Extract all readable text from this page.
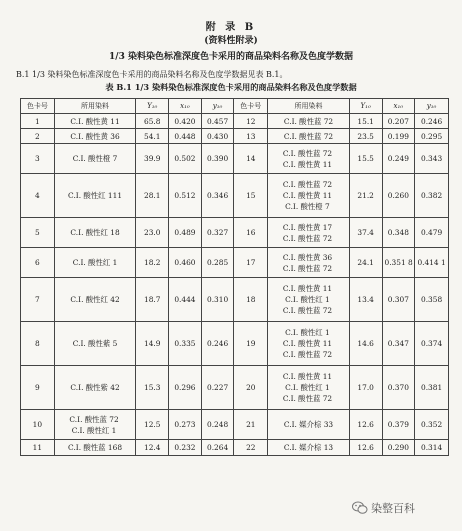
附 录 B
(资料性附录)
1/3 染料染色标准深度色卡采用的商品染料名称及色度学数据
B.1 1/3 染料染色标准深度色卡采用的商品染料名称及色度学数据见表 B.1。
表 B.1 1/3 染料染色标准深度色卡采用的商品染料名称及色度学数据
色卡号	所用染料	Y₁₀	x₁₀	y₁₀	色卡号	所用染料	Y₁₀	x₁₀	y₁₀
1	C.I. 酸性黄 11	65.8	0.420	0.457	12	C.I. 酸性蓝 72	15.1	0.207	0.246
2	C.I. 酸性黄 36	54.1	0.448	0.430	13	C.I. 酸性蓝 72	23.5	0.199	0.295
3	C.I. 酸性橙 7	39.9	0.502	0.390	14	C.I. 酸性蓝 72
C.I. 酸性黄 11	15.5	0.249	0.343
4	C.I. 酸性红 111	28.1	0.512	0.346	15	C.I. 酸性蓝 72
C.I. 酸性黄 11
C.I. 酸性橙 7	21.2	0.260	0.382
5	C.I. 酸性红 18	23.0	0.489	0.327	16	C.I. 酸性黄 17
C.I. 酸性蓝 72	37.4	0.348	0.479
6	C.I. 酸性红 1	18.2	0.460	0.285	17	C.I. 酸性黄 36
C.I. 酸性蓝 72	24.1	0.351 8	0.414 1
7	C.I. 酸性红 42	18.7	0.444	0.310	18	C.I. 酸性黄 11
C.I. 酸性红 1
C.I. 酸性蓝 72	13.4	0.307	0.358
8	C.I. 酸性紫 5	14.9	0.335	0.246	19	C.I. 酸性红 1
C.I. 酸性黄 11
C.I. 酸性蓝 72	14.6	0.347	0.374
9	C.I. 酸性紫 42	15.3	0.296	0.227	20	C.I. 酸性黄 11
C.I. 酸性红 1
C.I. 酸性蓝 72	17.0	0.370	0.381
10	C.I. 酸性蓝 72
C.I. 酸性红 1	12.5	0.273	0.248	21	C.I. 媒介棕 33	12.6	0.379	0.352
11	C.I. 酸性蓝 168	12.4	0.232	0.264	22	C.I. 媒介棕 13	12.6	0.290	0.314
染整百科
